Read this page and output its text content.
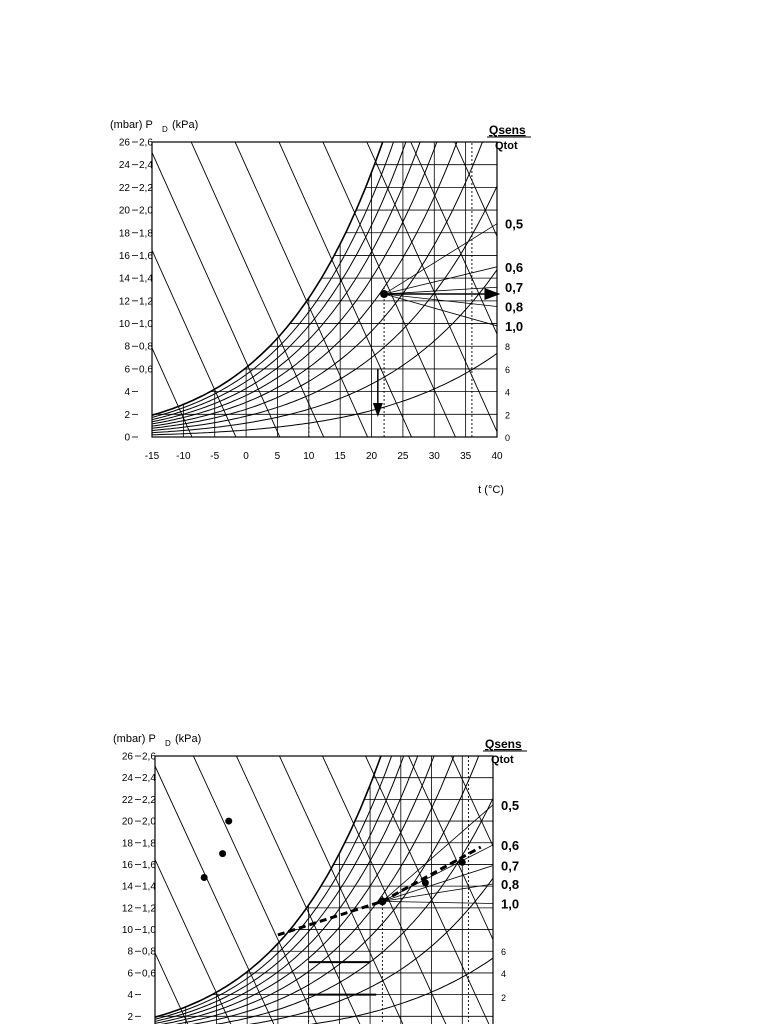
0
2
4
6 0,6
8 0,8
10 1,0
12 1,2
14 1,4
16 1,6
18 1,8
20 2,0
22 2,2
24 2,4
26 2,6
(mbar) P D (kPa)
-15 -10 -5 0	5 10 15 20 25 30 35 40
t (°C)
Qsens
Qtot
0,5
0,6
0,7
0,8
1,0
8
6
4
2
0
2
4
6 0,6
8 0,8
10 1,0
12 1,2
14 1,4
16 1,6
18 1,8
20 2,0
22 2,2
24 2,4
26 2,6
(mbar) P D (kPa)	Qsens
Qtot
0,5
0,6
0,7
0,8
1,0
6
4
2
